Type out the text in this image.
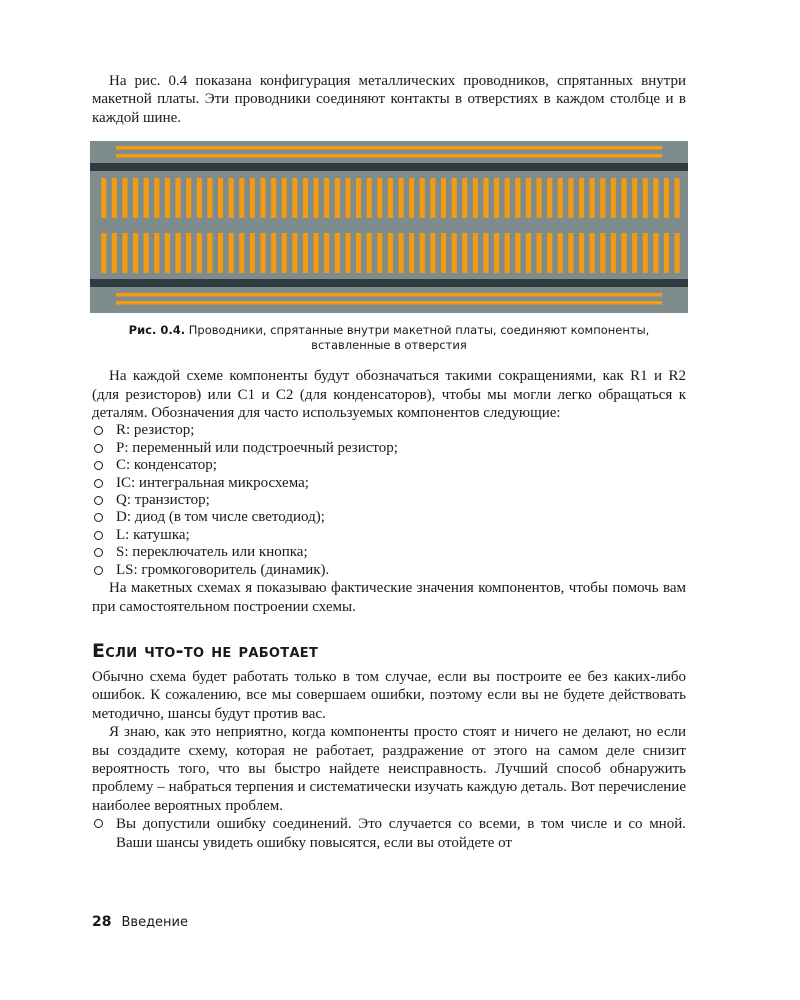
На рис. 0.4 показана конфигурация металлических проводников, спрятанных внутри макетной платы. Эти проводники соединяют контакты в отверстиях в каждом столбце и в каждой шине.

Рис. 0.4. Проводники, спрятанные внутри макетной платы, соединяют компоненты, вставленные в отверстия

На каждой схеме компоненты будут обозначаться такими сокращениями, как R1 и R2 (для резисторов) или C1 и C2 (для конденсаторов), чтобы мы могли легко обращаться к деталям. Обозначения для часто используемых компонентов следующие:

R: резистор;
P: переменный или подстроечный резистор;
C: конденсатор;
IC: интегральная микросхема;
Q: транзистор;
D: диод (в том числе светодиод);
L: катушка;
S: переключатель или кнопка;
LS: громкоговоритель (динамик).

На макетных схемах я показываю фактические значения компонентов, чтобы помочь вам при самостоятельном построении схемы.

Если что-то не работает

Обычно схема будет работать только в том случае, если вы построите ее без каких-либо ошибок. К сожалению, все мы совершаем ошибки, поэтому если вы не будете действовать методично, шансы будут против вас.

Я знаю, как это неприятно, когда компоненты просто стоят и ничего не делают, но если вы создадите схему, которая не работает, раздражение от этого на самом деле снизит вероятность того, что вы быстро найдете неисправность. Лучший способ обнаружить проблему – набраться терпения и систематически изучать каждую деталь. Вот перечисление наиболее вероятных проблем.

Вы допустили ошибку соединений. Это случается со всеми, в том числе и со мной. Ваши шансы увидеть ошибку повысятся, если вы отойдете от
28 Введение
